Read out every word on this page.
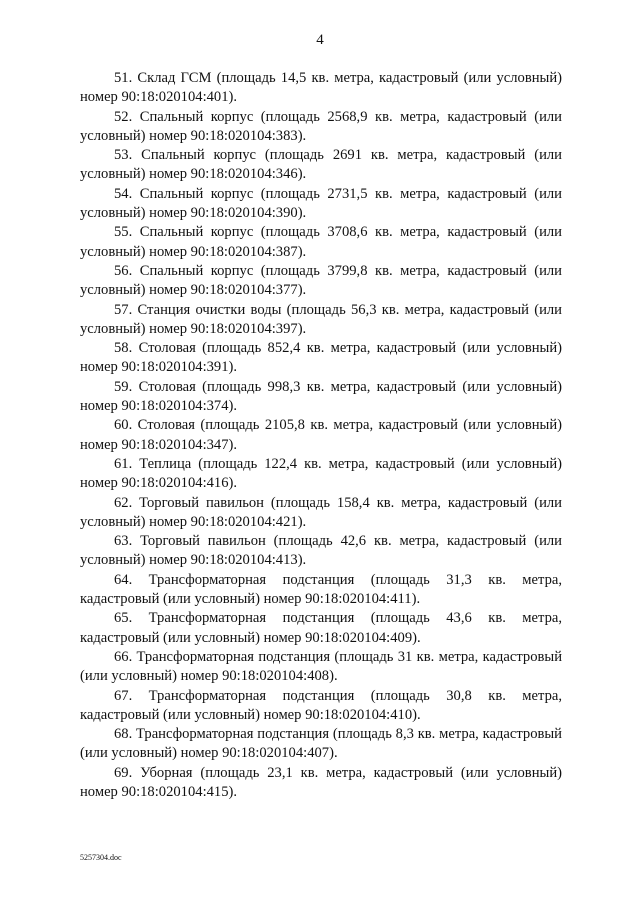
4

51. Склад ГСМ (площадь 14,5 кв. метра, кадастровый (или условный) номер 90:18:020104:401).

52. Спальный корпус (площадь 2568,9 кв. метра, кадастровый (или условный) номер 90:18:020104:383).

53. Спальный корпус (площадь 2691 кв. метра, кадастровый (или условный) номер 90:18:020104:346).

54. Спальный корпус (площадь 2731,5 кв. метра, кадастровый (или условный) номер 90:18:020104:390).

55. Спальный корпус (площадь 3708,6 кв. метра, кадастровый (или условный) номер 90:18:020104:387).

56. Спальный корпус (площадь 3799,8 кв. метра, кадастровый (или условный) номер 90:18:020104:377).

57. Станция очистки воды (площадь 56,3 кв. метра, кадастровый (или условный) номер 90:18:020104:397).

58. Столовая (площадь 852,4 кв. метра, кадастровый (или условный) номер 90:18:020104:391).

59. Столовая (площадь 998,3 кв. метра, кадастровый (или условный) номер 90:18:020104:374).

60. Столовая (площадь 2105,8 кв. метра, кадастровый (или условный) номер 90:18:020104:347).

61. Теплица (площадь 122,4 кв. метра, кадастровый (или условный) номер 90:18:020104:416).

62. Торговый павильон (площадь 158,4 кв. метра, кадастровый (или условный) номер 90:18:020104:421).

63. Торговый павильон (площадь 42,6 кв. метра, кадастровый (или условный) номер 90:18:020104:413).

64. Трансформаторная подстанция (площадь 31,3 кв. метра, кадастровый (или условный) номер 90:18:020104:411).

65. Трансформаторная подстанция (площадь 43,6 кв. метра, кадастровый (или условный) номер 90:18:020104:409).

66. Трансформаторная подстанция (площадь 31 кв. метра, кадастровый (или условный) номер 90:18:020104:408).

67. Трансформаторная подстанция (площадь 30,8 кв. метра, кадастровый (или условный) номер 90:18:020104:410).

68. Трансформаторная подстанция (площадь 8,3 кв. метра, кадастровый (или условный) номер 90:18:020104:407).

69. Уборная (площадь 23,1 кв. метра, кадастровый (или условный) номер 90:18:020104:415).

5257304.doc
